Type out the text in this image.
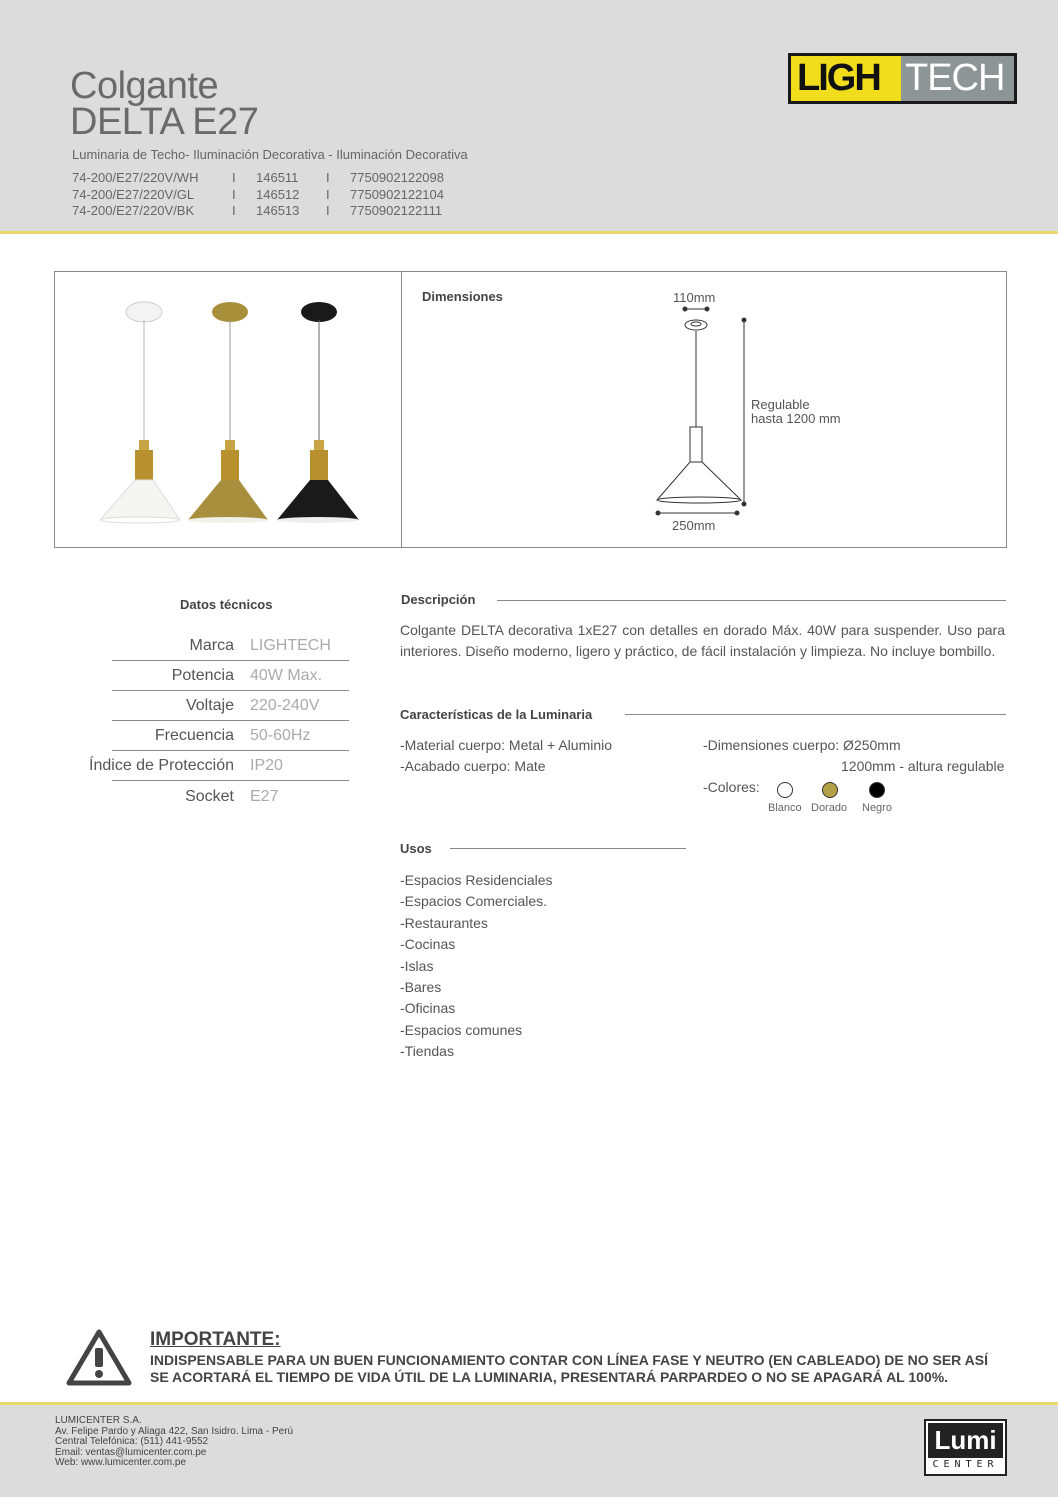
Colgante
DELTA E27
Luminaria de Techo- Iluminación Decorativa - Iluminación Decorativa
74-200/E27/220V/WH	I	146511	I	7750902122098
74-200/E27/220V/GL	I	146512	I	7750902122104
74-200/E27/220V/BK	I	146513	I	7750902122111
LIGH TECH
Dimensiones	110mm
Regulable
hasta 1200 mm
250mm
Datos técnicos
Marca LIGHTECH
Potencia 40W Max.
Voltaje 220-240V
Frecuencia 50-60Hz
Índice de Protección IP20
Socket E27
Descripción
Colgante DELTA decorativa 1xE27 con detalles en dorado Máx. 40W para suspender. Uso para interiores. Diseño moderno, ligero y práctico, de fácil instalación y limpieza. No incluye bombillo.
Características de la Luminaria
-Material cuerpo: Metal + Aluminio
-Acabado cuerpo: Mate
-Dimensiones cuerpo: Ø250mm
1200mm - altura regulable
-Colores:
Blanco Dorado Negro
Usos
-Espacios Residenciales
-Espacios Comerciales.
-Restaurantes
-Cocinas
-Islas
-Bares
-Oficinas
-Espacios comunes
-Tiendas
IMPORTANTE:
INDISPENSABLE PARA UN BUEN FUNCIONAMIENTO CONTAR CON LÍNEA FASE Y NEUTRO (EN CABLEADO) DE NO SER ASÍ
SE ACORTARÁ EL TIEMPO DE VIDA ÚTIL DE LA LUMINARIA, PRESENTARÁ PARPARDEO O NO SE APAGARÁ AL 100%.
LUMICENTER S.A.
Av. Felipe Pardo y Aliaga 422, San Isidro. Lima - Perú
Central Telefónica: (511) 441-9552
Email: ventas@lumicenter.com.pe
Web: www.lumicenter.com.pe
Lumi
CENTER
